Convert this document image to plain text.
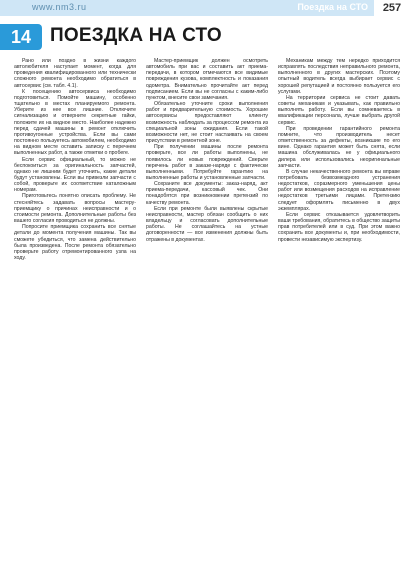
www.nm3.ru	Поездка на СТО	257
14 ПОЕЗДКА НА СТО

Рано или поздно в жизни каждого автолюбителя наступает момент, когда для проведения квалифицированного или технически сложного ремонта необходимо обратиться в автосервис (см. табл. 4.1).

К посещению автосервиса необходимо подготовиться. Помойте машину, особенно тщательно в местах планируемого ремонта. Уберите из нее все лишние. Отключите сигнализацию и отверните секретные гайки, положите их на видное место. Наиболее надежно перед сдачей машины в ремонт отключить противоугонные устройства. Если вы сами постоянно пользуетесь автомобилем, необходимо на видном месте оставить записку с перечнем выполненных работ, а также отметки о пробеге.

Если сервис официальный, то можно не беспокоиться за оригинальность запчастей, однако не лишним будет уточнить, какие детали будут установлены. Если вы привезли запчасти с собой, проверьте их соответствие каталожным номерам.

Приготовьтесь понятно описать проблему. Не стесняйтесь задавать вопросы мастеру-приемщику о причинах неисправности и о стоимости ремонта. Дополнительные работы без вашего согласия проводиться не должны.

Попросите приемщика сохранить все снятые детали до момента получения машины. Так вы сможете убедиться, что замена действительно была произведена. После ремонта обязательно проверьте работу отремонтированного узла на ходу.

Мастер-приемщик должен осмотреть автомобиль при вас и составить акт приема-передачи, в котором отмечаются все видимые повреждения кузова, комплектность и показания одометра. Внимательно прочитайте акт перед подписанием. Если вы не согласны с каким-либо пунктом, внесите свои замечания.

Обязательно уточните сроки выполнения работ и предварительную стоимость. Хорошие автосервисы предоставляют клиенту возможность наблюдать за процессом ремонта из специальной зоны ожидания. Если такой возможности нет, не стоит настаивать на своем присутствии в ремонтной зоне.

При получении машины после ремонта проверьте, все ли работы выполнены, не появилось ли новых повреждений. Сверьте перечень работ в заказе-наряде с фактически выполненными. Потребуйте гарантию на выполненные работы и установленные запчасти.

Сохраните все документы: заказ-наряд, акт приема-передачи, кассовый чек. Они понадобятся при возникновении претензий по качеству ремонта.

Если при ремонте были выявлены скрытые неисправности, мастер обязан сообщить о них владельцу и согласовать дополнительные работы. Не соглашайтесь на устные договоренности — все изменения должны быть отражены в документах.

Механикам между тем нередко приходится исправлять последствия неправильного ремонта, выполненного в других мастерских. Поэтому опытный водитель всегда выбирает сервис с хорошей репутацией и постоянно пользуется его услугами.

На территории сервиса не стоит давать советы механикам и указывать, как правильно выполнять работу. Если вы сомневаетесь в квалификации персонала, лучше выбрать другой сервис.

При проведении гарантийного ремонта помните, что производитель несет ответственность за дефекты, возникшие по его вине. Однако гарантия может быть снята, если машина обслуживалась не у официального дилера или использовались неоригинальные запчасти.

В случае некачественного ремонта вы вправе потребовать безвозмездного устранения недостатков, соразмерного уменьшения цены работ или возмещения расходов на исправление недостатков третьими лицами. Претензию следует оформлять письменно в двух экземплярах.

Если сервис отказывается удовлетворить ваши требования, обратитесь в общество защиты прав потребителей или в суд. При этом важно сохранить все документы и, при необходимости, провести независимую экспертизу.
